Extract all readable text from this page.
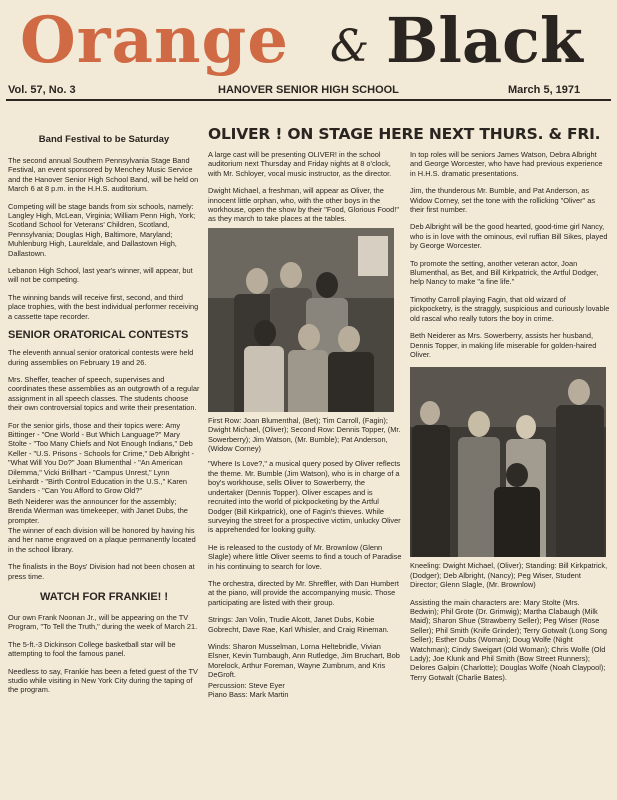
Orange & Black
Vol. 57, No. 3	HANOVER SENIOR HIGH SCHOOL	March 5, 1971
OLIVER ! ON STAGE HERE NEXT THURS. & FRI.
Band Festival to be Saturday

The second annual Southern Pennsylvania Stage Band Festival, an event sponsored by Menchey Music Service and the Hanover Senior High School Band, will be held on March 6 at 8 p.m. in the H.H.S. auditorium.

Competing will be stage bands from six schools, namely: Langley High, McLean, Virginia; William Penn High, York; Scotland School for Veterans' Children, Scotland, Pennsylvania; Douglas High, Baltimore, Maryland; Muhlenburg High, Laureldale, and Dallastown High, Dallastown.

Lebanon High School, last year's winner, will appear, but will not be competing.

The winning bands will receive first, second, and third place trophies, with the best individual performer receiving a cassette tape recorder.

SENIOR ORATORICAL CONTESTS

The eleventh annual senior oratorical contests were held during assemblies on February 19 and 26.

Mrs. Sheffer, teacher of speech, supervises and coordinates these assemblies as an outgrowth of a regular assignment in all speech classes. The students choose their own controversial topics and write their presentation.

For the senior girls, those and their topics were: Amy Bittinger - "One World - But Which Language?" Mary Stolte - "Too Many Chiefs and Not Enough Indians," Deb Keller - "U.S. Prisons - Schools for Crime," Deb Albright - "What Will You Do?" Joan Blumenthal - "An American Dilemma," Vicki Brillhart - "Campus Unrest," Lynn Leinhardt - "Birth Control Education in the U.S.," Karen Sanders - "Can You Afford to Grow Old?"

Beth Neiderer was the announcer for the assembly; Brenda Wierman was timekeeper, with Janet Dubs, the prompter.

The winner of each division will be honored by having his and her name engraved on a plaque permanently located in the school library.

The finalists in the Boys' Division had not been chosen at press time.

WATCH FOR FRANKIE! !

Our own Frank Noonan Jr., will be appearing on the TV Program, "To Tell the Truth," during the week of March 21.

The 5-ft.-3 Dickinson College basketball star will be attempting to fool the famous panel.

Needless to say, Frankie has been a feted guest of the TV studio while visiting in New York City during the taping of the program.

A large cast will be presenting OLIVER! in the school auditorium next Thursday and Friday nights at 8 o'clock, with Mr. Schloyer, vocal music instructor, as the director.

Dwight Michael, a freshman, will appear as Oliver, the innocent little orphan, who, with the other boys in the workhouse, open the show by their "Food, Glorious Food!" as they march to take places at the tables.

First Row: Joan Blumenthal, (Bet); Tim Carroll, (Fagin); Dwight Michael, (Oliver); Second Row: Dennis Topper, (Mr. Sowerberry); Jim Watson, (Mr. Bumble); Pat Anderson, (Widow Corney)

"Where Is Love?," a musical query posed by Oliver reflects the theme. Mr. Bumble (Jim Watson), who is in charge of a boy's workhouse, sells Oliver to Sowerberry, the undertaker (Dennis Topper). Oliver escapes and is recruited into the world of pickpocketing by the Artful Dodger (Bill Kirkpatrick), one of Fagin's thieves. While surveying the street for a prospective victim, unlucky Oliver is apprehended for looking guilty.

He is released to the custody of Mr. Brownlow (Glenn Slagle) where little Oliver seems to find a touch of Paradise in his continuing to search for love.

The orchestra, directed by Mr. Shreffler, with Dan Humbert at the piano, will provide the accompanying music. Those participating are listed with their group.

Strings: Jan Volin, Trudie Alcott, Janet Dubs, Kobie Gobrecht, Dave Rae, Karl Whisler, and Craig Rineman.

Winds: Sharon Musselman, Lorna Heltebridle, Vivian Elsner, Kevin Turnbaugh, Ann Rutledge, Jim Bruchart, Bob Morelock, Arthur Foreman, Wayne Zumbrum, and Kris DeGroft.

Percussion: Steve Eyer

Piano Bass: Mark Martin

In top roles will be seniors James Watson, Debra Albright and George Worcester, who have had previous experience in H.H.S. dramatic presentations.

Jim, the thunderous Mr. Bumble, and Pat Anderson, as Widow Corney, set the tone with the rollicking "Oliver" as their first number.

Deb Albright will be the good hearted, good-time girl Nancy, who is in love with the ominous, evil ruffian Bill Sikes, played by George Worcester.

To promote the setting, another veteran actor, Joan Blumenthal, as Bet, and Bill Kirkpatrick, the Artful Dodger, help Nancy to make "a fine life."

Timothy Carroll playing Fagin, that old wizard of pickpocketry, is the straggly, suspicious and curiously lovable old rascal who really tutors the boy in crime.

Beth Neiderer as Mrs. Sowerberry, assists her husband, Dennis Topper, in making life miserable for golden-haired Oliver.

Kneeling: Dwight Michael, (Oliver); Standing: Bill Kirkpatrick, (Dodger); Deb Albright, (Nancy); Peg Wiser, Student Director; Glenn Slagle, (Mr. Brownlow)

Assisting the main characters are: Mary Stolte (Mrs. Bedwin); Phil Grote (Dr. Grimwig); Martha Clabaugh (Milk Maid); Sharon Shue (Strawberry Seller); Peg Wiser (Rose Seller); Phil Smith (Knife Grinder); Terry Gotwalt (Long Song Seller); Esther Dubs (Woman); Doug Wolfe (Night Watchman); Cindy Sweigart (Old Woman); Chris Wolfe (Old Lady); Joe Klunk and Phil Smith (Bow Street Runners); Delores Galpin (Charlotte); Douglas Wolfe (Noah Claypool); Terry Gotwalt (Charlie Bates).
